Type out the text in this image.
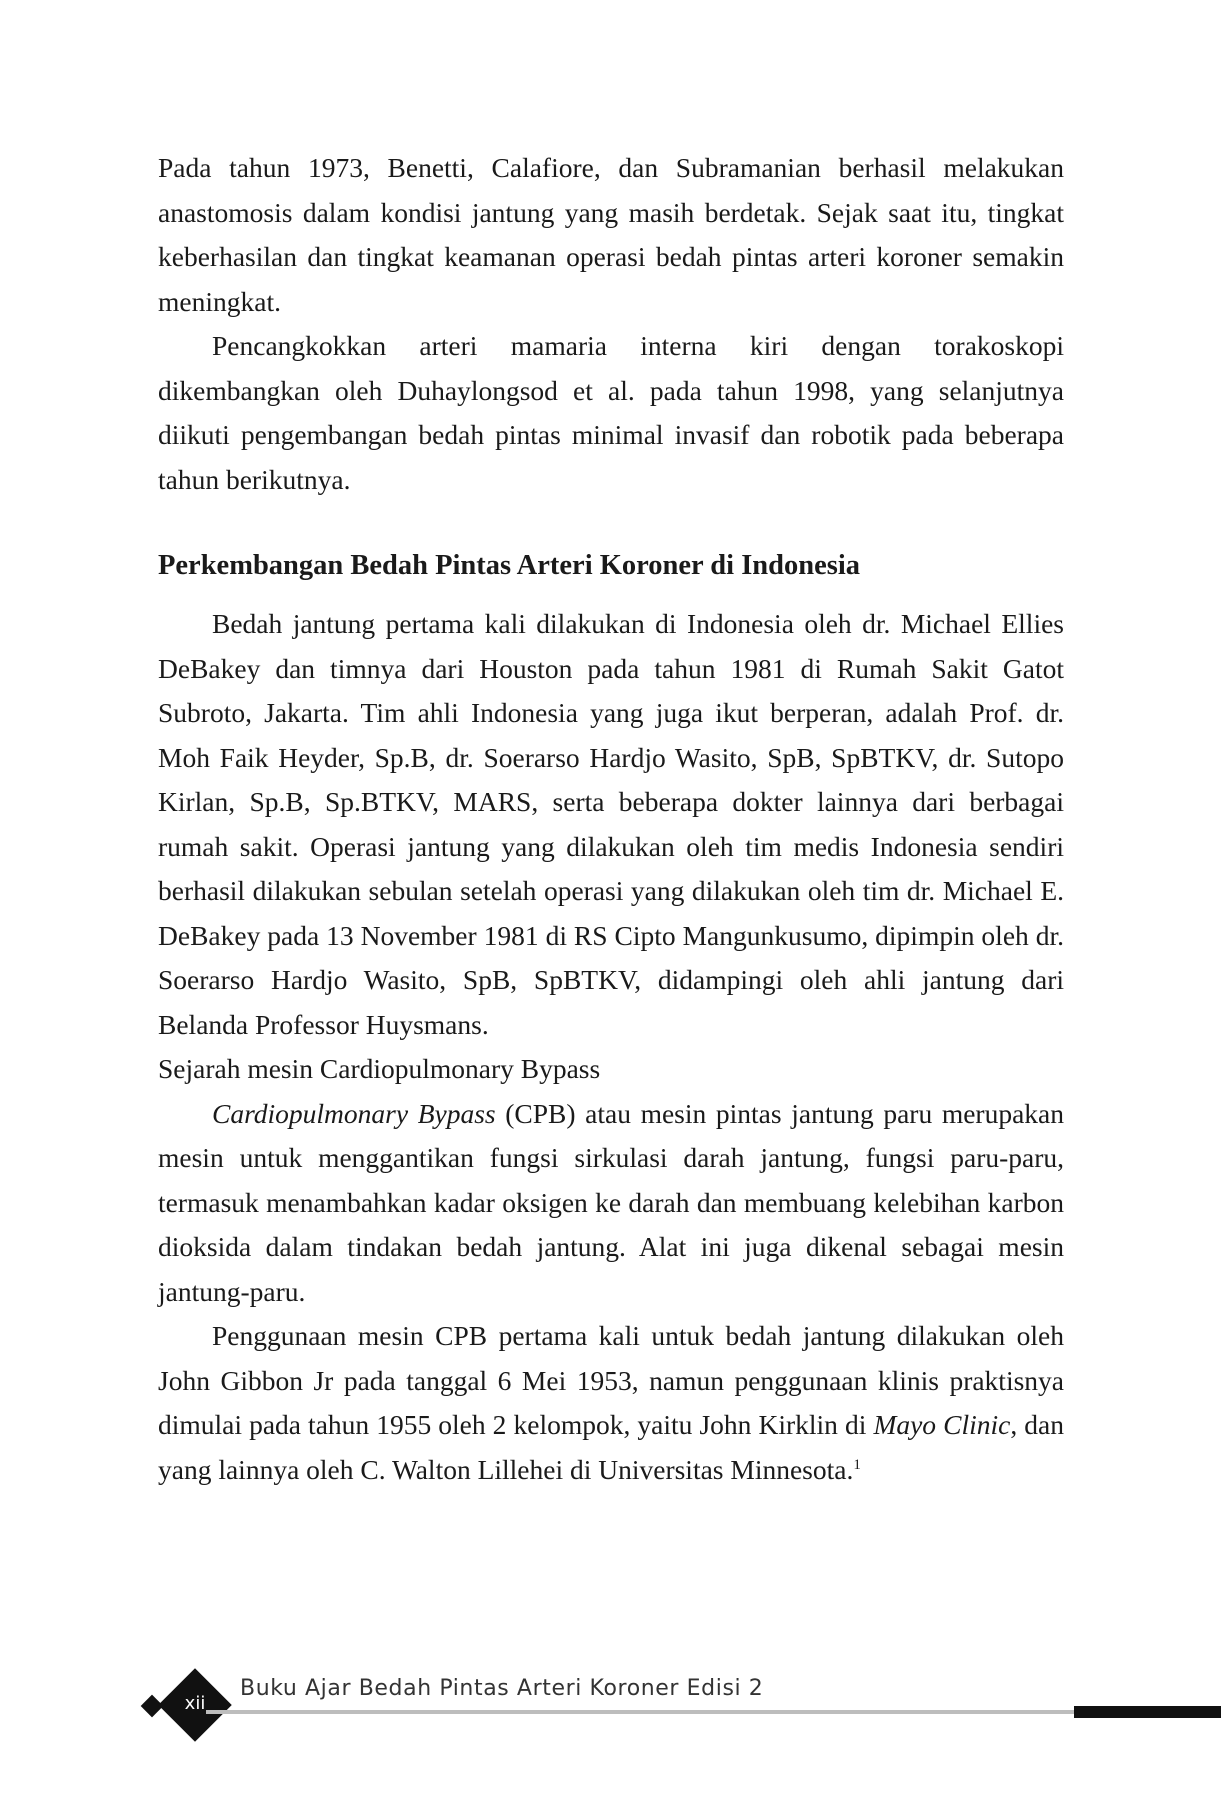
Pada tahun 1973, Benetti, Calafiore, dan Subramanian berhasil melakukan anastomosis dalam kondisi jantung yang masih berdetak. Sejak saat itu, tingkat keberhasilan dan tingkat keamanan operasi bedah pintas arteri koroner semakin meningkat.

Pencangkokkan arteri mamaria interna kiri dengan torakoskopi dikembangkan oleh Duhaylongsod et al. pada tahun 1998, yang selanjutnya diikuti pengembangan bedah pintas minimal invasif dan robotik pada beberapa tahun berikutnya.

Perkembangan Bedah Pintas Arteri Koroner di Indonesia

Bedah jantung pertama kali dilakukan di Indonesia oleh dr. Michael Ellies DeBakey dan timnya dari Houston pada tahun 1981 di Rumah Sakit Gatot Subroto, Jakarta. Tim ahli Indonesia yang juga ikut berperan, adalah Prof. dr. Moh Faik Heyder, Sp.B, dr. Soerarso Hardjo Wasito, SpB, SpBTKV, dr. Sutopo Kirlan, Sp.B, Sp.BTKV, MARS, serta beberapa dokter lainnya dari berbagai rumah sakit. Operasi jantung yang dilakukan oleh tim medis Indonesia sendiri berhasil dilakukan sebulan setelah operasi yang dilakukan oleh tim dr. Michael E. DeBakey pada 13 November 1981 di RS Cipto Mangunkusumo, dipimpin oleh dr. Soerarso Hardjo Wasito, SpB, SpBTKV, didampingi oleh ahli jantung dari Belanda Professor Huysmans.

Sejarah mesin Cardiopulmonary Bypass

Cardiopulmonary Bypass (CPB) atau mesin pintas jantung paru merupakan mesin untuk menggantikan fungsi sirkulasi darah jantung, fungsi paru-paru, termasuk menambahkan kadar oksigen ke darah dan membuang kelebihan karbon dioksida dalam tindakan bedah jantung. Alat ini juga dikenal sebagai mesin jantung-paru.

Penggunaan mesin CPB pertama kali untuk bedah jantung dilakukan oleh John Gibbon Jr pada tanggal 6 Mei 1953, namun penggunaan klinis praktisnya dimulai pada tahun 1955 oleh 2 kelompok, yaitu John Kirklin di Mayo Clinic, dan yang lainnya oleh C. Walton Lillehei di Universitas Minnesota.$^1$

xii
Buku Ajar Bedah Pintas Arteri Koroner Edisi 2
